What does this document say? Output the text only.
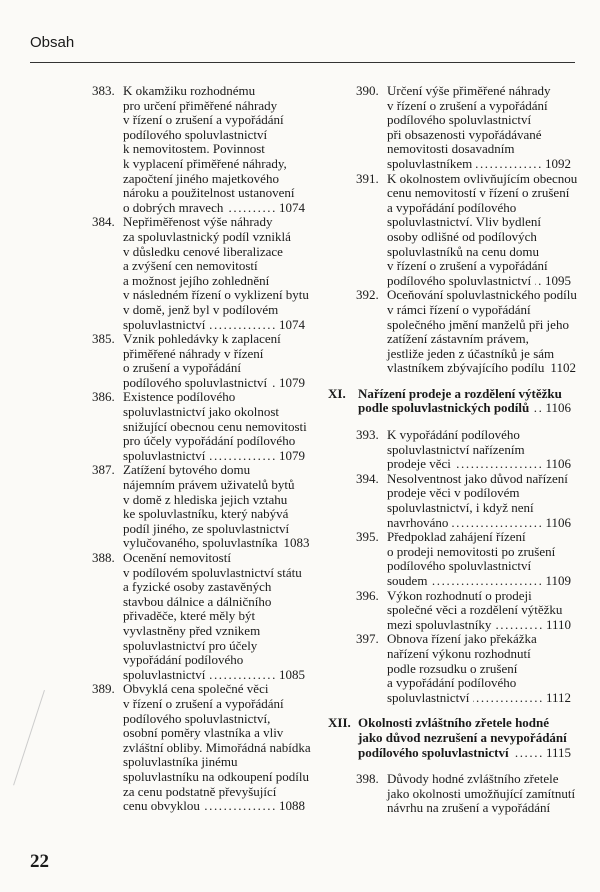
Obsah
383. K okamžiku rozhodnému
pro určení přiměřené náhrady
v řízení o zrušení a vypořádání
podílového spoluvlastnictví
k nemovitostem. Povinnost
k vyplacení přiměřené náhrady,
započtení jiného majetkového
nároku a použitelnost ustanovení
o dobrých mravech .....	1074
384. Nepřiměřenost výše náhrady
za spoluvlastnický podíl vzniklá
v důsledku cenové liberalizace
a zvýšení cen nemovitostí
a možnost jejího zohlednění
v následném řízení o vyklizení bytu
v domě, jenž byl v podílovém
spoluvlastnictví .....	1074
385. Vznik pohledávky k zaplacení
přiměřené náhrady v řízení
o zrušení a vypořádání
podílového spoluvlastnictví ..... 1079
386. Existence podílového
spoluvlastnictví jako okolnost
snižující obecnou cenu nemovitosti
pro účely vypořádání podílového
spoluvlastnictví .....	1079
387. Zatížení bytového domu
nájemním právem uživatelů bytů
v domě z hlediska jejich vztahu
ke spoluvlastníku, který nabývá
podíl jiného, ze spoluvlastnictví
vylučovaného, spoluvlastníka 1083
388. Ocenění nemovitostí
v podílovém spoluvlastnictví státu
a fyzické osoby zastavěných
stavbou dálnice a dálničního
přivaděče, které měly být
vyvlastněny před vznikem
spoluvlastnictví pro účely
vypořádání podílového
spoluvlastnictví .....	1085
389. Obvyklá cena společné věci
v řízení o zrušení a vypořádání
podílového spoluvlastnictví,
osobní poměry vlastníka a vliv
zvláštní obliby. Mimořádná nabídka
spoluvlastníka jinému
spoluvlastníku na odkoupení podílu
za cenu podstatně převyšující
cenu obvyklou .....	1088
390. Určení výše přiměřené náhrady
v řízení o zrušení a vypořádání
podílového spoluvlastnictví
při obsazenosti vypořádávané
nemovitosti dosavadním
spoluvlastníkem .....	1092
391. K okolnostem ovlivňujícím obecnou
cenu nemovitostí v řízení o zrušení
a vypořádání podílového
spoluvlastnictví. Vliv bydlení
osoby odlišné od podílových
spoluvlastníků na cenu domu
v řízení o zrušení a vypořádání
podílového spoluvlastnictví ..... 1095
392. Oceňování spoluvlastnického podílu
v rámci řízení o vypořádání
společného jmění manželů při jeho
zatížení zástavním právem,
jestliže jeden z účastníků je sám
vlastníkem zbývajícího podílu 1102
XI. Nařízení prodeje a rozdělení výtěžku
podle spoluvlastnických podílů ..... 1106
393. K vypořádání podílového
spoluvlastnictví nařízením
prodeje věci .....	1106
394. Nesolventnost jako důvod nařízení
prodeje věci v podílovém
spoluvlastnictví, i když není
navrhováno .....	1106
395. Předpoklad zahájení řízení
o prodeji nemovitosti po zrušení
podílového spoluvlastnictví
soudem .....	1109
396. Výkon rozhodnutí o prodeji
společné věci a rozdělení výtěžku
mezi spoluvlastníky .....	1110
397. Obnova řízení jako překážka
nařízení výkonu rozhodnutí
podle rozsudku o zrušení
a vypořádání podílového
spoluvlastnictví .....	1112
XII. Okolnosti zvláštního zřetele hodné
jako důvod nezrušení a nevypořádání
podílového spoluvlastnictví .....	1115
398. Důvody hodné zvláštního zřetele
jako okolnosti umožňující zamítnutí
návrhu na zrušení a vypořádání
22
